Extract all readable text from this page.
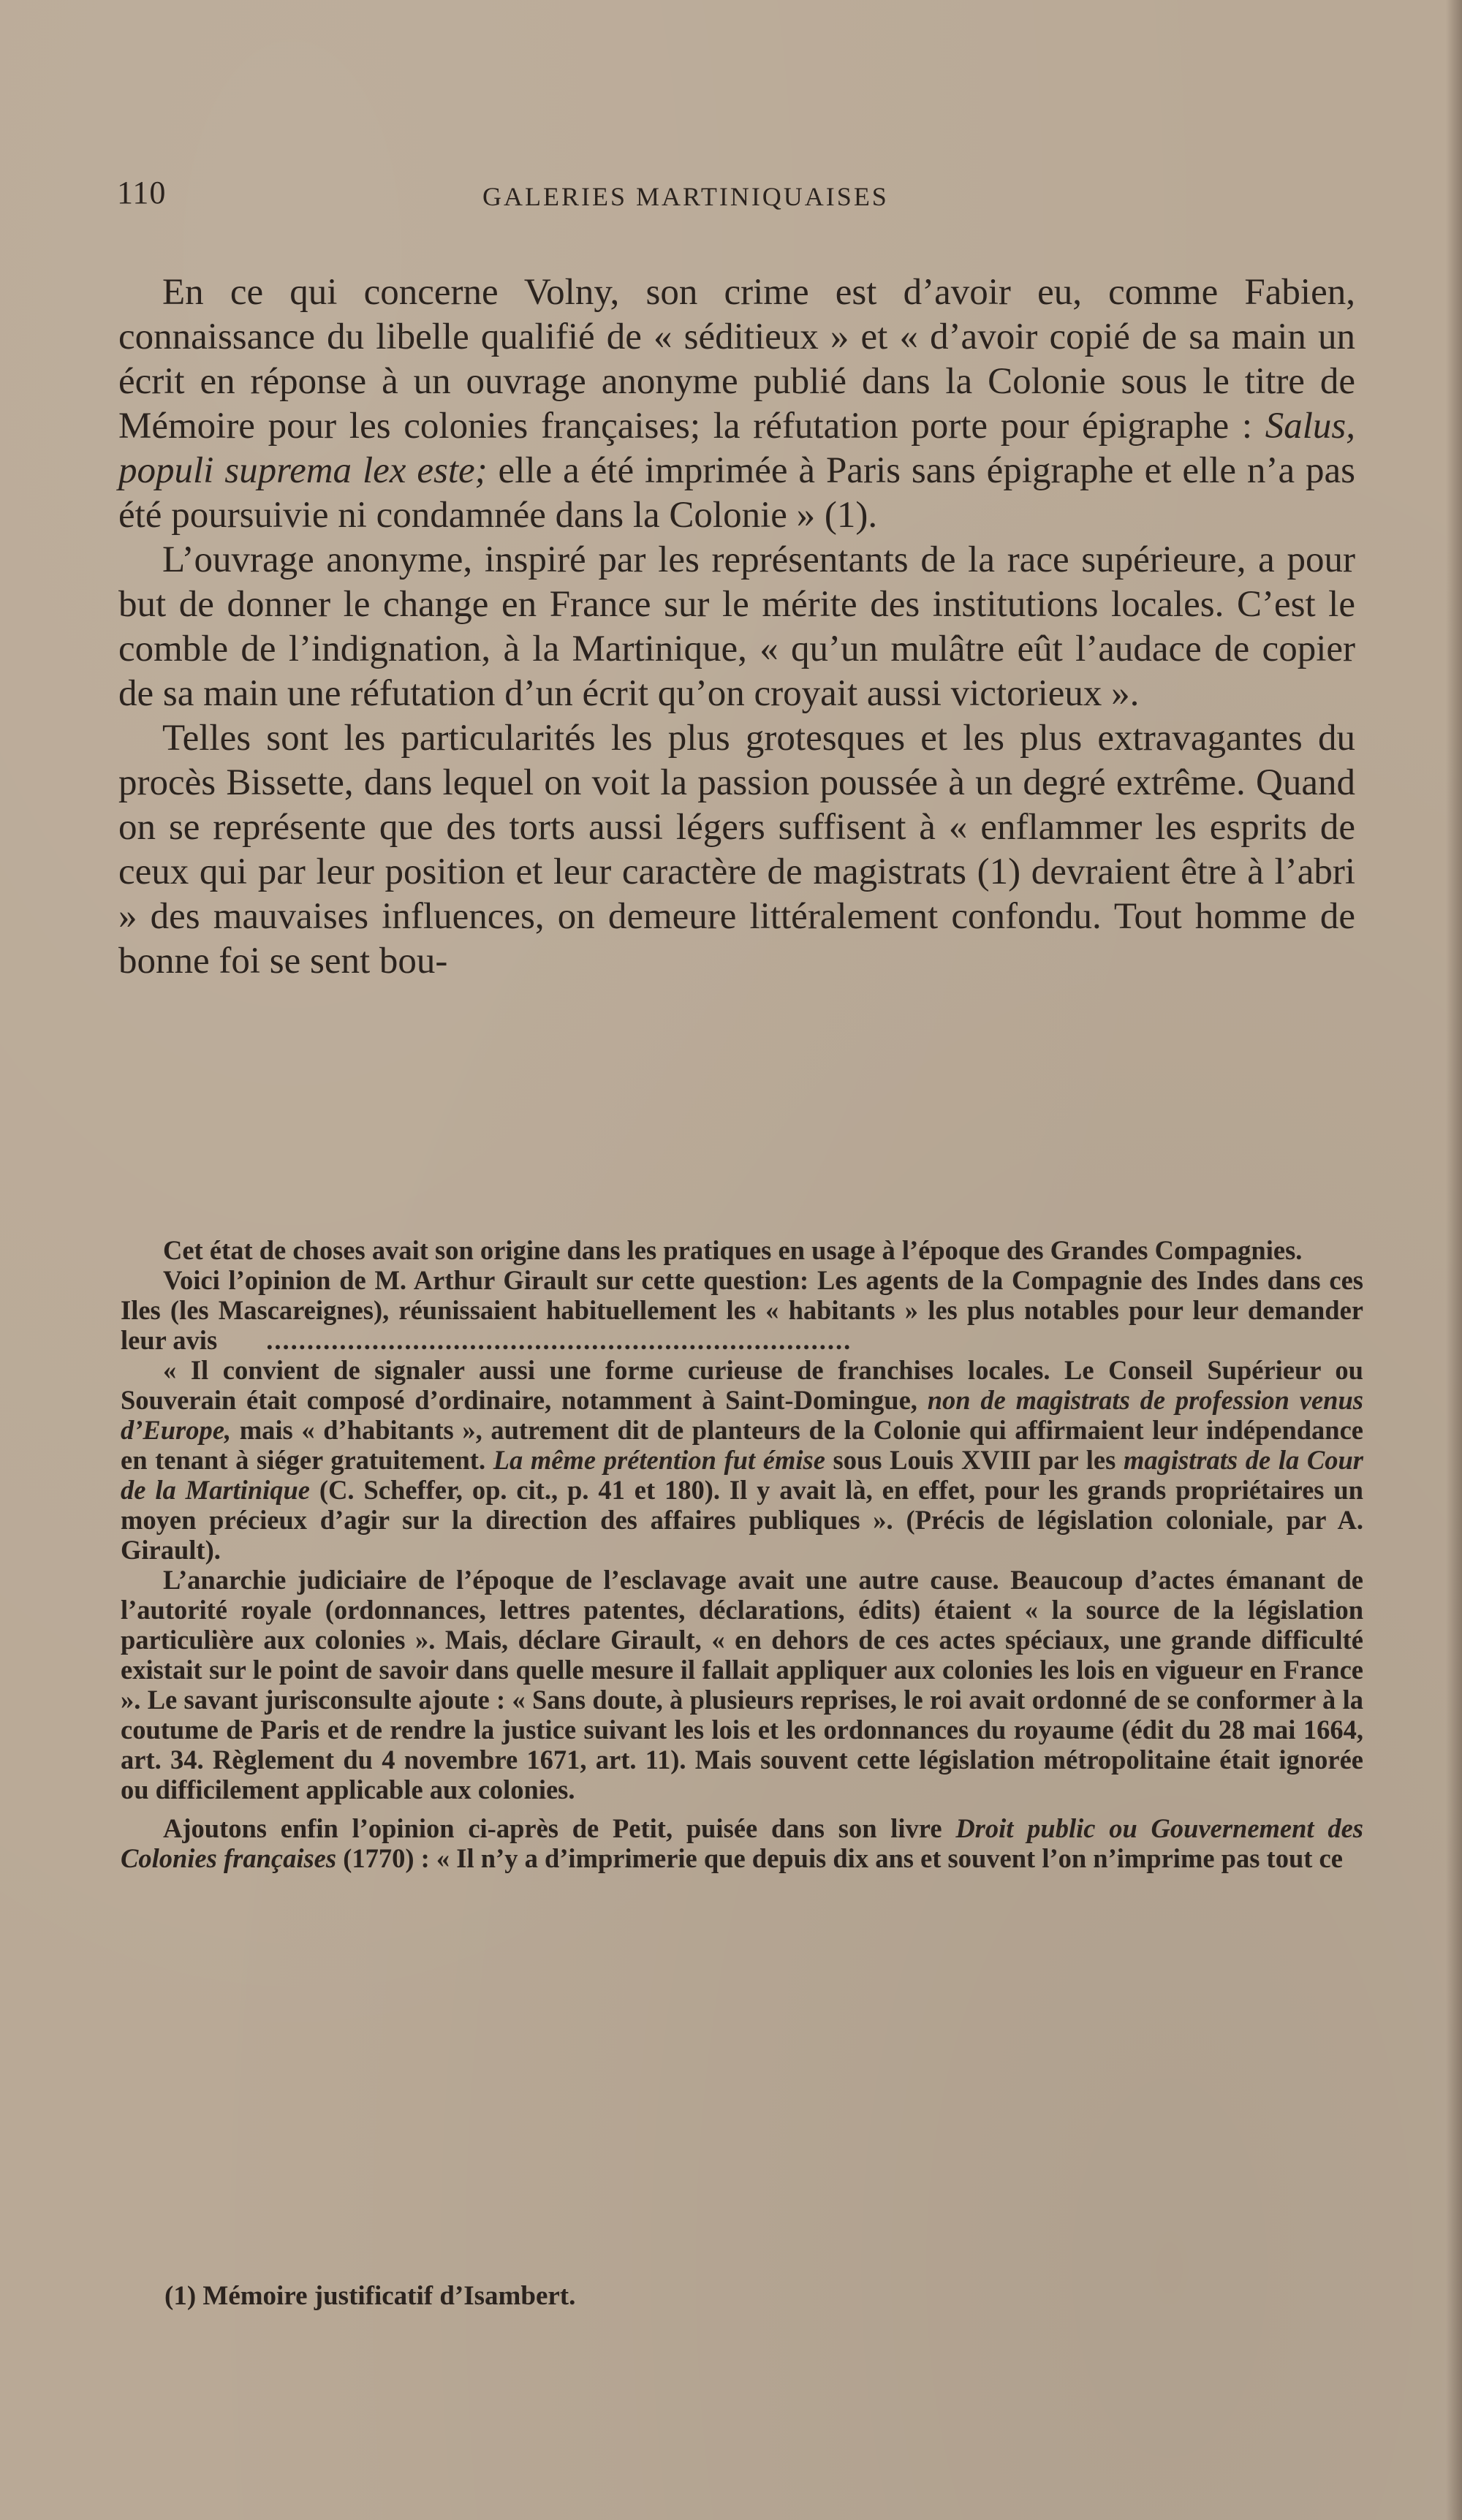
110	GALERIES MARTINIQUAISES

En ce qui concerne Volny, son crime est d’avoir eu, comme Fabien, connaissance du libelle qualifié de « séditieux » et « d’avoir copié de sa main un écrit en réponse à un ouvrage anonyme publié dans la Colonie sous le titre de Mémoire pour les colonies françaises; la réfutation porte pour épigraphe : Salus, populi suprema lex este; elle a été imprimée à Paris sans épigraphe et elle n’a pas été poursuivie ni condamnée dans la Colonie » (1).

L’ouvrage anonyme, inspiré par les représentants de la race supérieure, a pour but de donner le change en France sur le mérite des institutions locales. C’est le comble de l’indignation, à la Martinique, « qu’un mulâtre eût l’audace de copier de sa main une réfutation d’un écrit qu’on croyait aussi victorieux ».

Telles sont les particularités les plus grotesques et les plus extravagantes du procès Bissette, dans lequel on voit la passion poussée à un degré extrême. Quand on se représente que des torts aussi légers suffisent à « enflammer les esprits de ceux qui par leur position et leur caractère de magistrats (1) devraient être à l’abri » des mauvaises influences, on demeure littéralement confondu. Tout homme de bonne foi se sent bou-

Cet état de choses avait son origine dans les pratiques en usage à l’époque des Grandes Compagnies.

Voici l’opinion de M. Arthur Girault sur cette question: Les agents de la Compagnie des Indes dans ces Iles (les Mascareignes), réunissaient habituellement les « habitants » les plus notables pour leur demander leur avis ........................................................................

« Il convient de signaler aussi une forme curieuse de franchises locales. Le Conseil Supérieur ou Souverain était composé d’ordinaire, notamment à Saint-Domingue, non de magistrats de profession venus d’Europe, mais « d’habitants », autrement dit de planteurs de la Colonie qui affirmaient leur indépendance en tenant à siéger gratuitement. La même prétention fut émise sous Louis XVIII par les magistrats de la Cour de la Martinique (C. Scheffer, op. cit., p. 41 et 180). Il y avait là, en effet, pour les grands propriétaires un moyen précieux d’agir sur la direction des affaires publiques ». (Précis de législation coloniale, par A. Girault).

L’anarchie judiciaire de l’époque de l’esclavage avait une autre cause. Beaucoup d’actes émanant de l’autorité royale (ordonnances, lettres patentes, déclarations, édits) étaient « la source de la législation particulière aux colonies ». Mais, déclare Girault, « en dehors de ces actes spéciaux, une grande difficulté existait sur le point de savoir dans quelle mesure il fallait appliquer aux colonies les lois en vigueur en France ». Le savant jurisconsulte ajoute : « Sans doute, à plusieurs reprises, le roi avait ordonné de se conformer à la coutume de Paris et de rendre la justice suivant les lois et les ordonnances du royaume (édit du 28 mai 1664, art. 34. Règlement du 4 novembre 1671, art. 11). Mais souvent cette législation métropolitaine était ignorée ou difficilement applicable aux colonies.

Ajoutons enfin l’opinion ci-après de Petit, puisée dans son livre Droit public ou Gouvernement des Colonies françaises (1770) : « Il n’y a d’imprimerie que depuis dix ans et souvent l’on n’imprime pas tout ce

(1) Mémoire justificatif d’Isambert.
